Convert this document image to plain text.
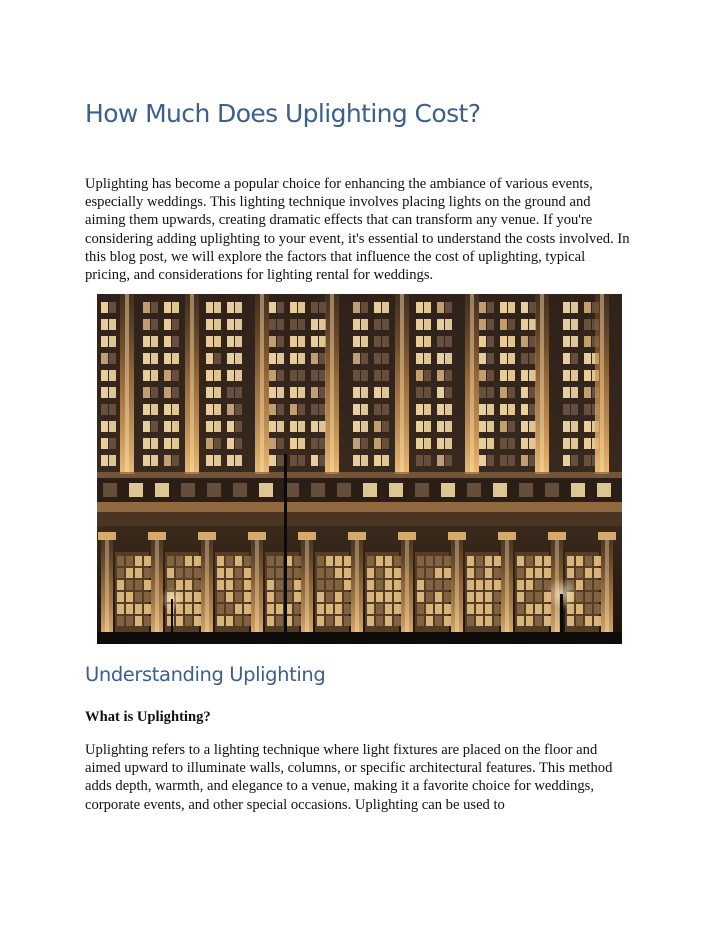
How Much Does Uplighting Cost?

Uplighting has become a popular choice for enhancing the ambiance of various events, especially weddings. This lighting technique involves placing lights on the ground and aiming them upwards, creating dramatic effects that can transform any venue. If you're considering adding uplighting to your event, it's essential to understand the costs involved. In this blog post, we will explore the factors that influence the cost of uplighting, typical pricing, and considerations for lighting rental for weddings.

Understanding Uplighting
What is Uplighting?

Uplighting refers to a lighting technique where light fixtures are placed on the floor and aimed upward to illuminate walls, columns, or specific architectural features. This method adds depth, warmth, and elegance to a venue, making it a favorite choice for weddings, corporate events, and other special occasions. Uplighting can be used to
